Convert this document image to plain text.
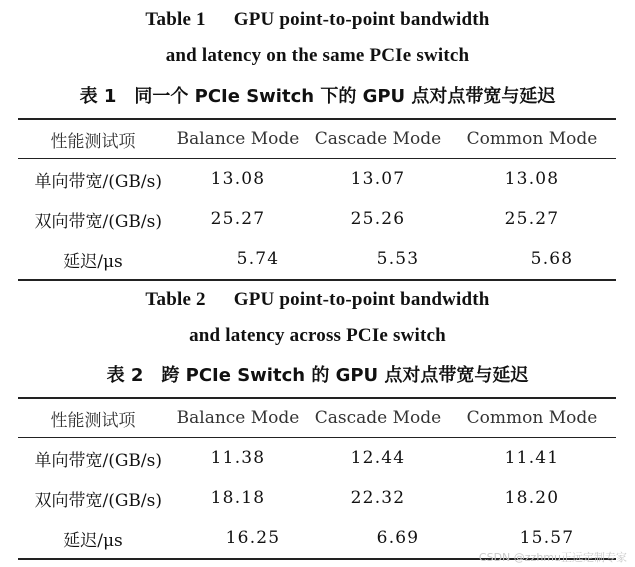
Table 1 GPU point-to-point bandwidth
and latency on the same PCIe switch
表 1 同一个 PCIe Switch 下的 GPU 点对点带宽与延迟
性能测试项	Balance Mode	Cascade Mode	Common Mode
单向带宽/(GB/s)	13.08	13.07	13.08
双向带宽/(GB/s)	25.27	25.26	25.27
延迟/μs	5.74	5.53	5.68
Table 2 GPU point-to-point bandwidth
and latency across PCIe switch
表 2 跨 PCIe Switch 的 GPU 点对点带宽与延迟
性能测试项	Balance Mode	Cascade Mode	Common Mode
单向带宽/(GB/s)	11.38	12.44	11.41
双向带宽/(GB/s)	18.18	22.32	18.20
延迟/μs	16.25	6.69	15.57
CSDN @zzhmu正远定制专家
